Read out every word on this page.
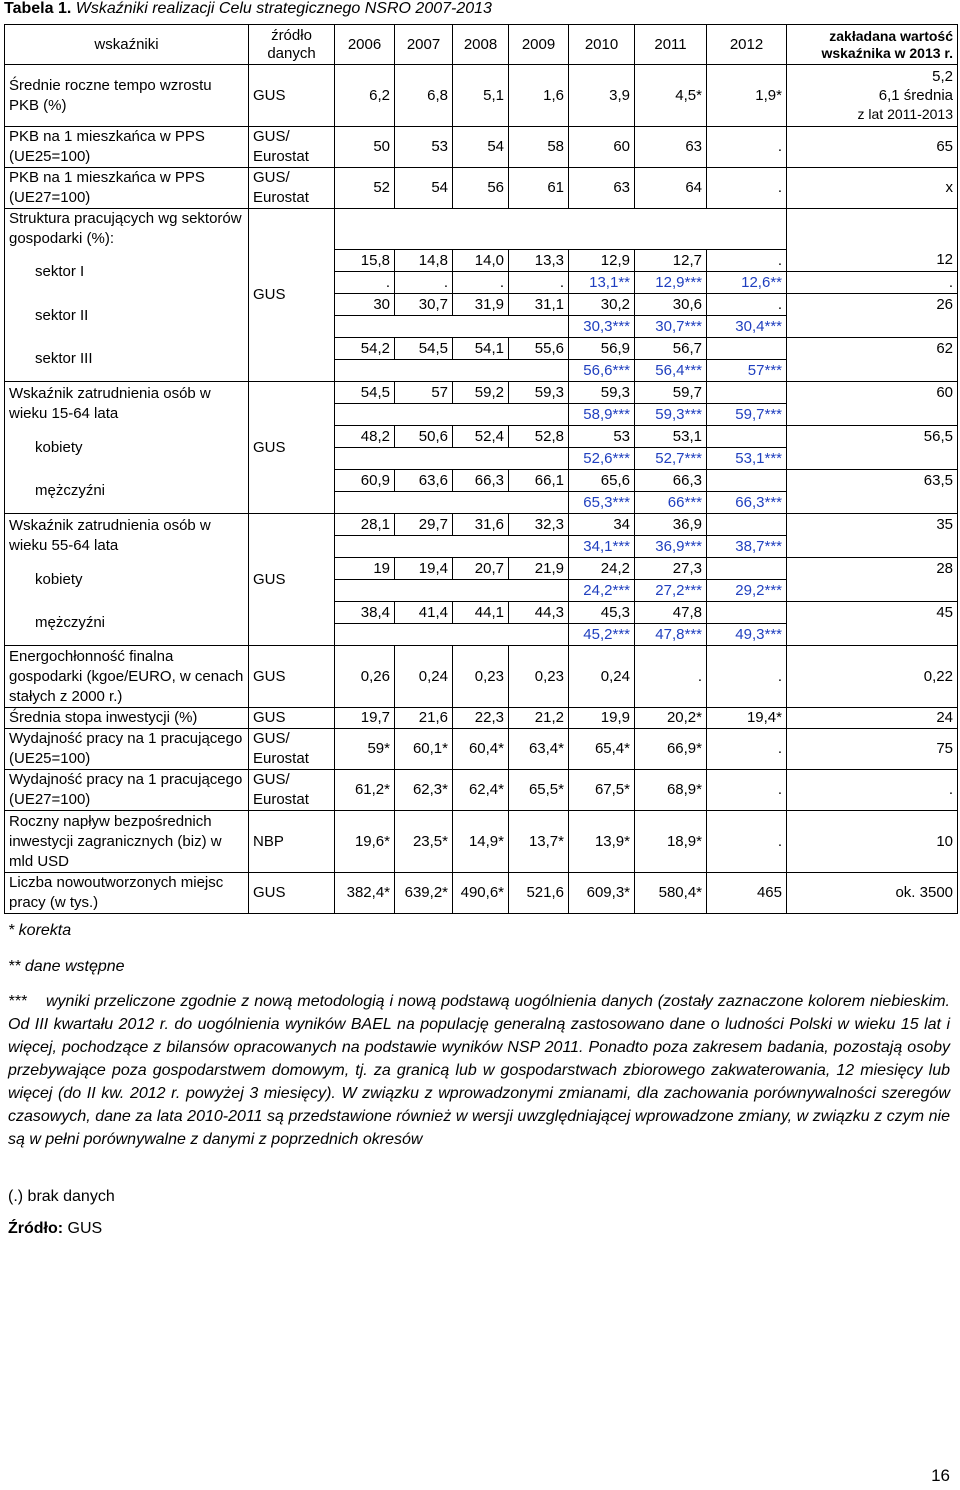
Tabela 1. Wskaźniki realizacji Celu strategicznego NSRO 2007-2013
wskaźniki	źródło danych	2006	2007	2008	2009	2010	2011	2012	zakładana wartość wskaźnika w 2013 r.
Średnie roczne tempo wzrostu PKB (%)	GUS	6,2	6,8	5,1	1,6	3,9	4,5*	1,9*	5,2
6,1 średnia
z lat 2011-2013

PKB na 1 mieszkańca w PPS (UE25=100)	GUS/ Eurostat	50	53	54	58	60	63	.	65
PKB na 1 mieszkańca w PPS (UE27=100)	GUS/ Eurostat	52	54	56	61	63	64	.	x
Struktura pracujących wg sektorów gospodarki (%):	GUS								
sektor I		15,8	14,8	14,0	13,3	12,9	12,7	.	12
		.	.	.	.	13,1**	12,9***	12,6**	.
sektor II		30	30,7	31,9	31,1	30,2	30,6	.	26
						30,3***	30,7***	30,4***	
sektor III		54,2	54,5	54,1	55,6	56,9	56,7		62
						56,6***	56,4***	57***	
Wskaźnik zatrudnienia osób w wieku 15-64 lata	GUS	54,5	57	59,2	59,3	59,3	59,7		60
						58,9***	59,3***	59,7***	
kobiety		48,2	50,6	52,4	52,8	53	53,1		56,5
						52,6***	52,7***	53,1***	
mężczyźni		60,9	63,6	66,3	66,1	65,6	66,3		63,5
						65,3***	66***	66,3***	
Wskaźnik zatrudnienia osób w wieku 55-64 lata	GUS	28,1	29,7	31,6	32,3	34	36,9		35
						34,1***	36,9***	38,7***	
kobiety		19	19,4	20,7	21,9	24,2	27,3		28
						24,2***	27,2***	29,2***	
mężczyźni		38,4	41,4	44,1	44,3	45,3	47,8		45
						45,2***	47,8***	49,3***	
Energochłonność finalna gospodarki (kgoe/EURO, w cenach stałych z 2000 r.)	GUS	0,26	0,24	0,23	0,23	0,24	.	.	0,22
Średnia stopa inwestycji (%)	GUS	19,7	21,6	22,3	21,2	19,9	20,2*	19,4*	24
Wydajność pracy na 1 pracującego (UE25=100)	GUS/ Eurostat	59*	60,1*	60,4*	63,4*	65,4*	66,9*	.	75
Wydajność pracy na 1 pracującego (UE27=100)	GUS/ Eurostat	61,2*	62,3*	62,4*	65,5*	67,5*	68,9*	.	.
Roczny napływ bezpośrednich inwestycji zagranicznych (biz) w mld USD	NBP	19,6*	23,5*	14,9*	13,7*	13,9*	18,9*	.	10
Liczba nowoutworzonych miejsc pracy (w tys.)	GUS	382,4*	639,2*	490,6*	521,6	609,3*	580,4*	465	ok. 3500
* korekta
** dane wstępne
*** wyniki przeliczone zgodnie z nową metodologią i nową podstawą uogólnienia danych (zostały zaznaczone kolorem niebieskim. Od III kwartału 2012 r. do uogólnienia wyników BAEL na populację generalną zastosowano dane o ludności Polski w wieku 15 lat i więcej, pochodzące z bilansów opracowanych na podstawie wyników NSP 2011. Ponadto poza zakresem badania, pozostają osoby przebywające poza gospodarstwem domowym, tj. za granicą lub w gospodarstwach zbiorowego zakwaterowania, 12 miesięcy lub więcej (do II kw. 2012 r. powyżej 3 miesięcy). W związku z wprowadzonymi zmianami, dla zachowania porównywalności szeregów czasowych, dane za lata 2010-2011 są przedstawione również w wersji uwzględniającej wprowadzone zmiany, w związku z czym nie są w pełni porównywalne z danymi z poprzednich okresów
(.) brak danych
Źródło: GUS
16
